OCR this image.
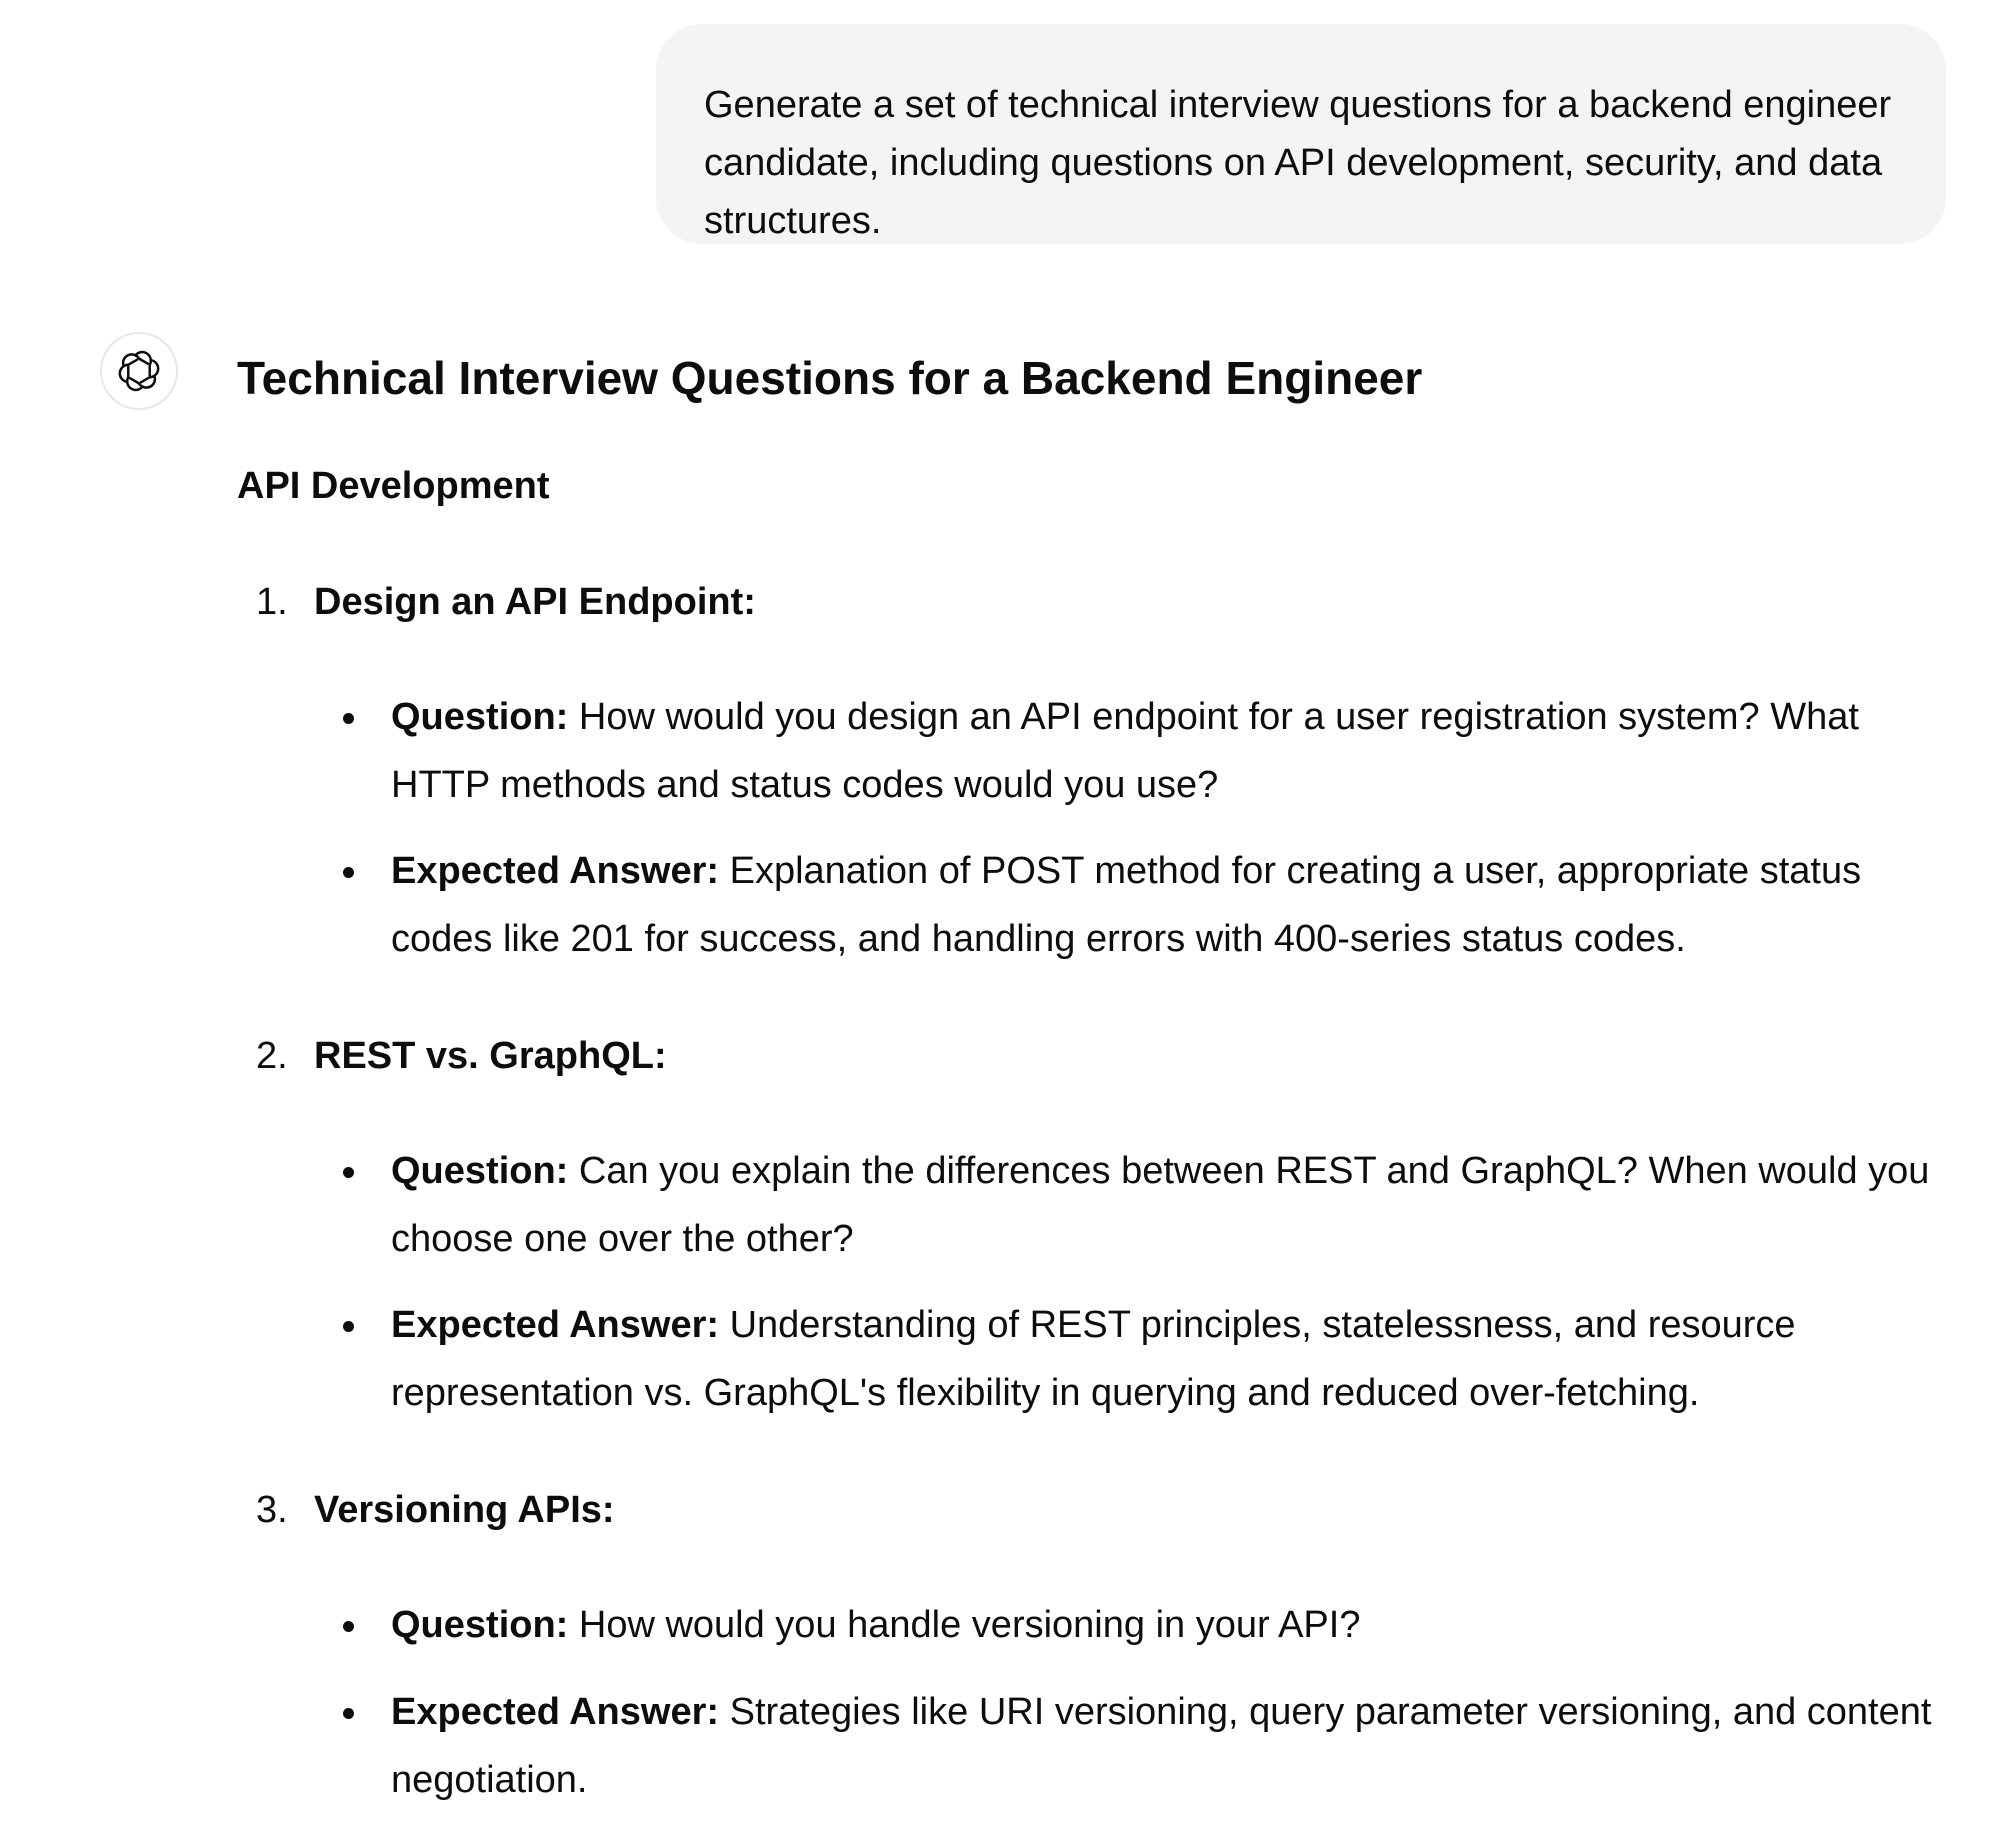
Generate a set of technical interview questions for a backend engineer candidate, including questions on API development, security, and data structures.
Technical Interview Questions for a Backend Engineer
API Development
1. Design an API Endpoint:
Question: How would you design an API endpoint for a user registration system? What HTTP methods and status codes would you use?
Expected Answer: Explanation of POST method for creating a user, appropriate status codes like 201 for success, and handling errors with 400-series status codes.
2. REST vs. GraphQL:
Question: Can you explain the differences between REST and GraphQL? When would you choose one over the other?
Expected Answer: Understanding of REST principles, statelessness, and resource representation vs. GraphQL's flexibility in querying and reduced over-fetching.
3. Versioning APIs:
Question: How would you handle versioning in your API?
Expected Answer: Strategies like URI versioning, query parameter versioning, and content negotiation.
